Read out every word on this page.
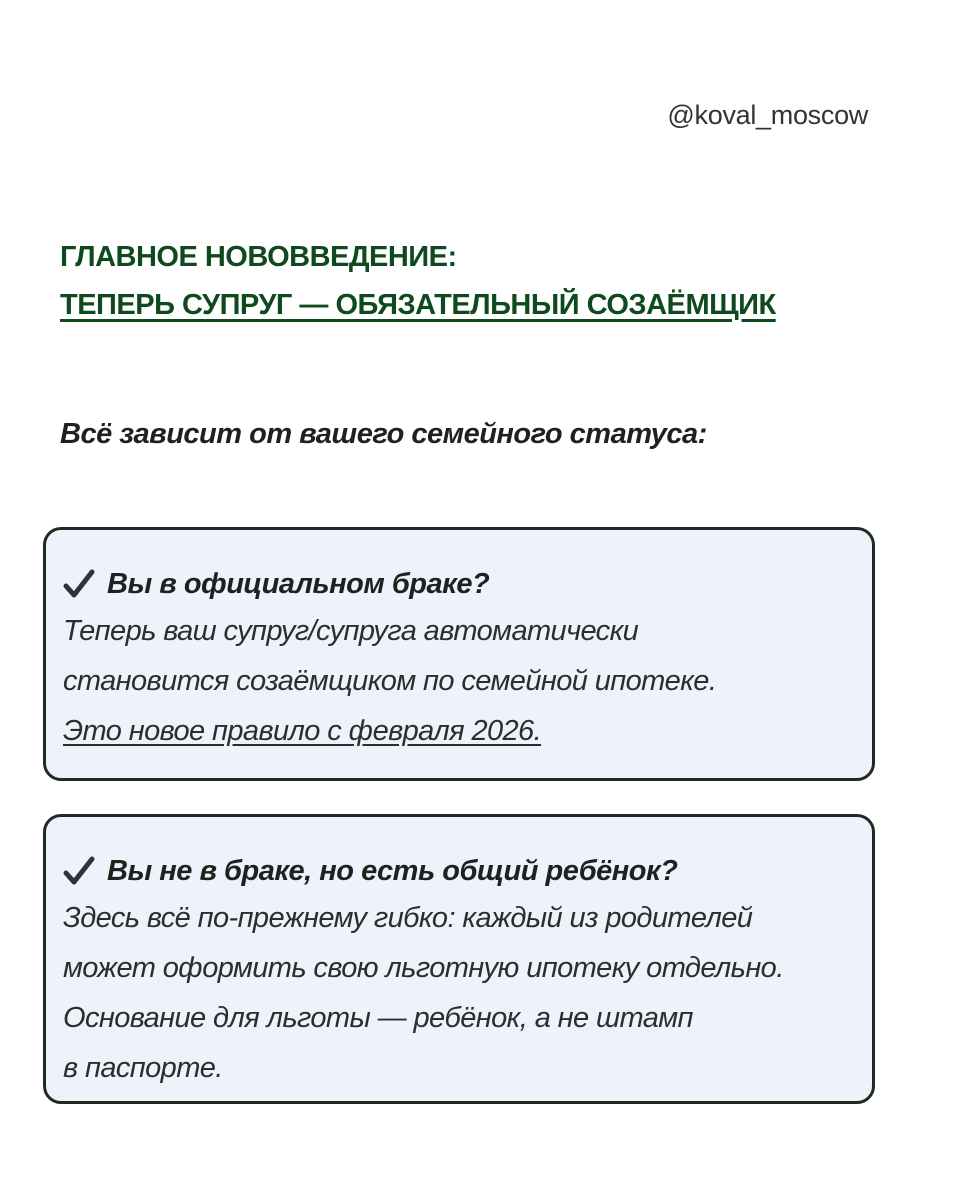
@koval_moscow
ГЛАВНОЕ НОВОВВЕДЕНИЕ:
ТЕПЕРЬ СУПРУГ — ОБЯЗАТЕЛЬНЫЙ СОЗАЁМЩИК
Всё зависит от вашего семейного статуса:
Вы в официальном браке?
Теперь ваш супруг/супруга автоматически
становится созаёмщиком по семейной ипотеке.
Это новое правило с февраля 2026.
Вы не в браке, но есть общий ребёнок?
Здесь всё по-прежнему гибко: каждый из родителей
может оформить свою льготную ипотеку отдельно.
Основание для льготы — ребёнок, а не штамп
в паспорте.
